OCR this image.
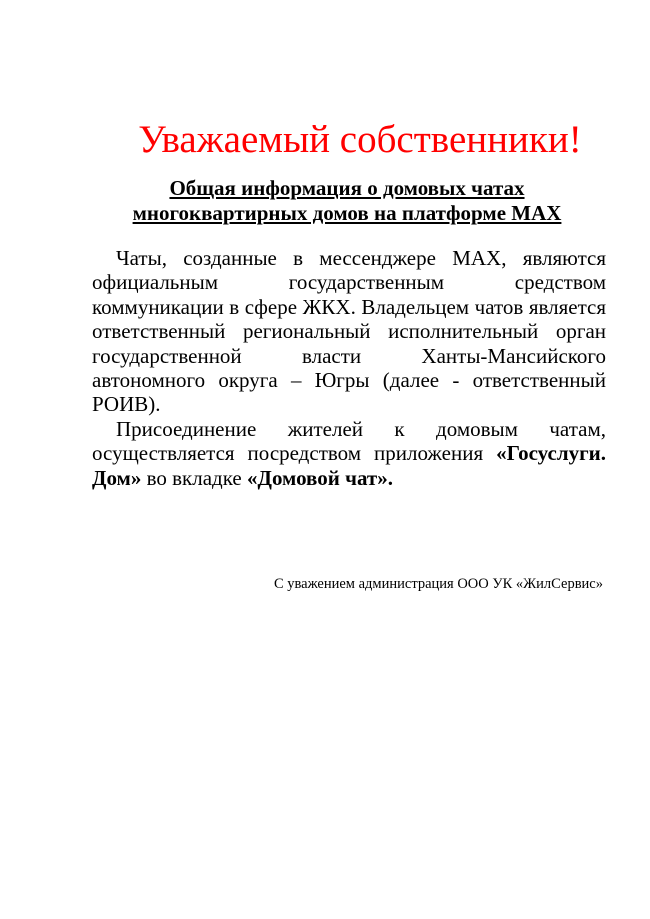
Уважаемый собственники!
Общая информация о домовых чатах
многоквартирных домов на платформе MAX

Чаты, созданные в мессенджере MAX, являются официальным государственным средством коммуникации в сфере ЖКХ. Владельцем чатов является ответственный региональный исполнительный орган государственной власти Ханты-Мансийского автономного округа – Югры (далее - ответственный РОИВ).

Присоединение жителей к домовым чатам, осуществляется посредством приложения «Госуслуги. Дом» во вкладке «Домовой чат».

С уважением администрация ООО УК «ЖилСервис»
